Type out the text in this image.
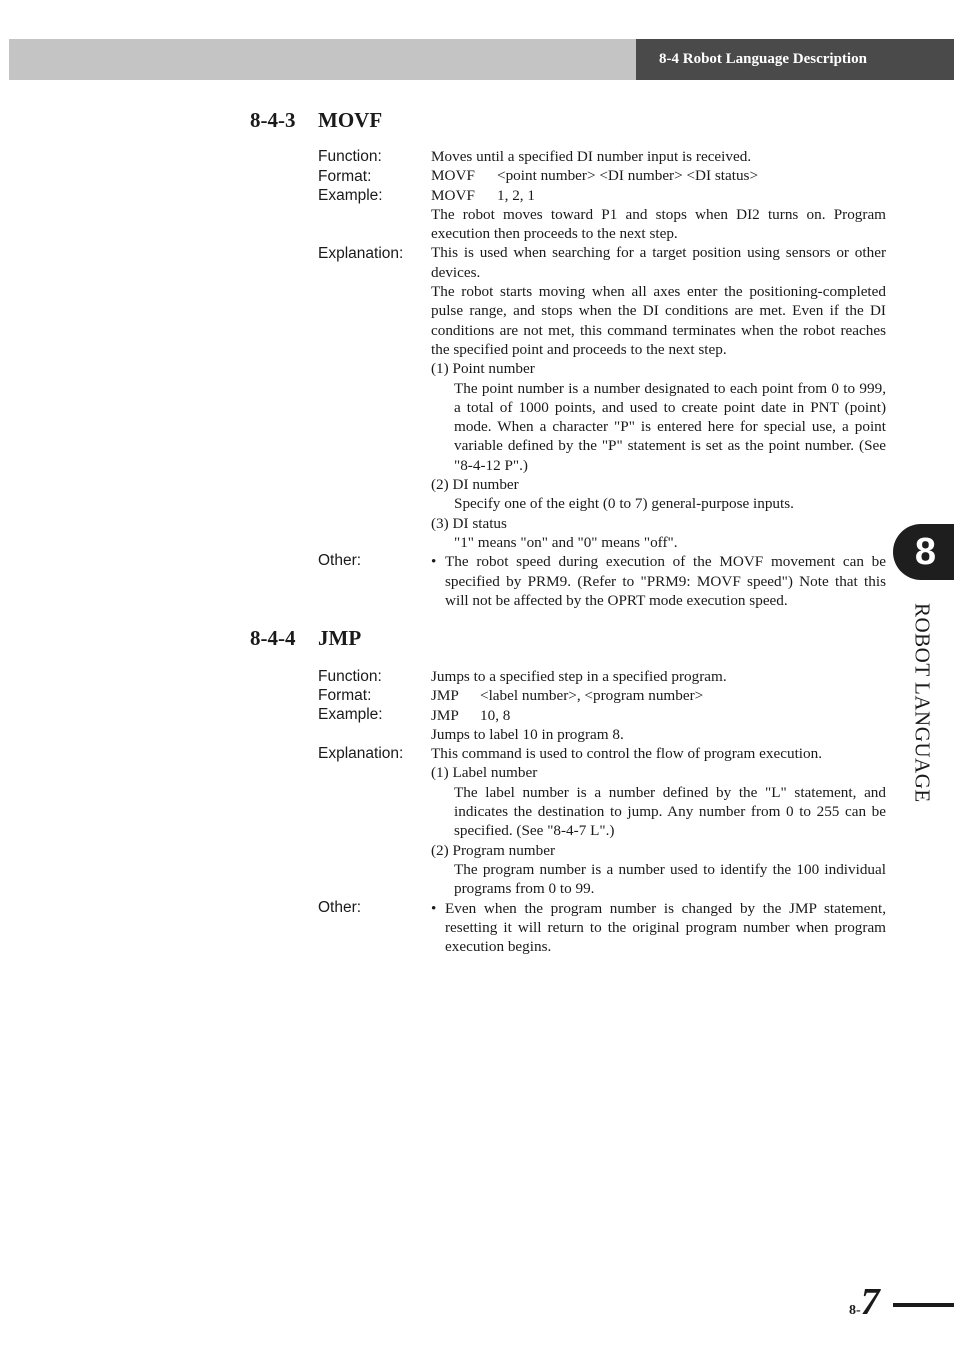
8-4 Robot Language Description
8-4-3 MOVF
Function:
Format:
Example:
Explanation:
Other:

Moves until a specified DI number input is received.

MOVF <point number> <DI number> <DI status>

MOVF 1, 2, 1

The robot moves toward P1 and stops when DI2 turns on. Program execution then proceeds to the next step.

This is used when searching for a target position using sensors or other devices.

The robot starts moving when all axes enter the positioning-completed pulse range, and stops when the DI conditions are met. Even if the DI conditions are not met, this command terminates when the robot reaches the specified point and proceeds to the next step.

(1) Point number

The point number is a number designated to each point from 0 to 999, a total of 1000 points, and used to create point date in PNT (point) mode. When a character "P" is entered here for special use, a point variable defined by the "P" statement is set as the point number. (See "8-4-12 P".)

(2) DI number

Specify one of the eight (0 to 7) general-purpose inputs.

(3) DI status

"1" means "on" and "0" means "off".

• The robot speed during execution of the MOVF movement can be specified by PRM9. (Refer to "PRM9: MOVF speed") Note that this will not be affected by the OPRT mode execution speed.
8-4-4 JMP
Function:
Format:
Example:
Explanation:
Other:

Jumps to a specified step in a specified program.

JMP <label number>, <program number>

JMP 10, 8

Jumps to label 10 in program 8.

This command is used to control the flow of program execution.

(1) Label number

The label number is a number defined by the "L" statement, and indicates the destination to jump. Any number from 0 to 255 can be specified. (See "8-4-7 L".)

(2) Program number

The program number is a number used to identify the 100 individual programs from 0 to 99.

• Even when the program number is changed by the JMP statement, resetting it will return to the original program number when program execution begins.
8
ROBOT LANGUAGE
8-7
